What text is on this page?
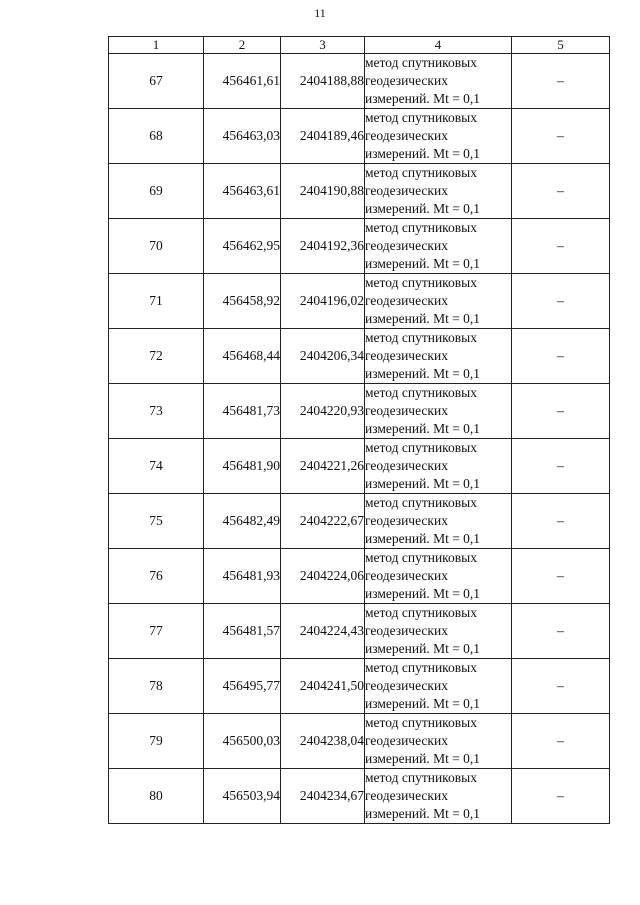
11
1	2	3	4	5
67	456461,61	2404188,88	метод спутниковых
геодезических
измерений. Mt = 0,1	–
68	456463,03	2404189,46	метод спутниковых
геодезических
измерений. Mt = 0,1	–
69	456463,61	2404190,88	метод спутниковых
геодезических
измерений. Mt = 0,1	–
70	456462,95	2404192,36	метод спутниковых
геодезических
измерений. Mt = 0,1	–
71	456458,92	2404196,02	метод спутниковых
геодезических
измерений. Mt = 0,1	–
72	456468,44	2404206,34	метод спутниковых
геодезических
измерений. Mt = 0,1	–
73	456481,73	2404220,93	метод спутниковых
геодезических
измерений. Mt = 0,1	–
74	456481,90	2404221,26	метод спутниковых
геодезических
измерений. Mt = 0,1	–
75	456482,49	2404222,67	метод спутниковых
геодезических
измерений. Mt = 0,1	–
76	456481,93	2404224,06	метод спутниковых
геодезических
измерений. Mt = 0,1	–
77	456481,57	2404224,43	метод спутниковых
геодезических
измерений. Mt = 0,1	–
78	456495,77	2404241,50	метод спутниковых
геодезических
измерений. Mt = 0,1	–
79	456500,03	2404238,04	метод спутниковых
геодезических
измерений. Mt = 0,1	–
80	456503,94	2404234,67	метод спутниковых
геодезических
измерений. Mt = 0,1	–
